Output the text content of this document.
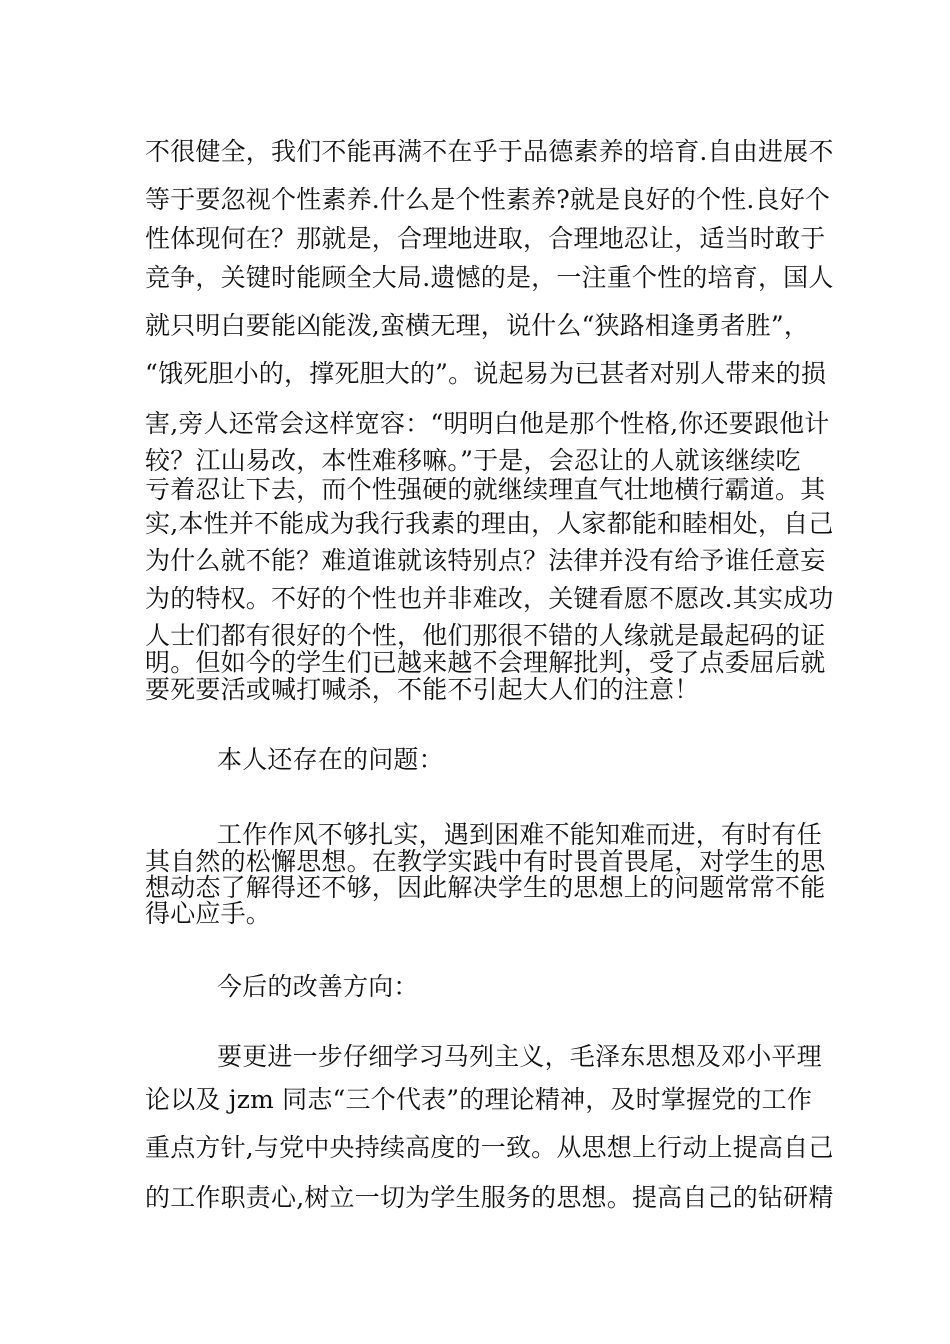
不很健全，我们不能再满不在乎于品德素养的培育.自由进展不
等于要忽视个性素养.什么是个性素养?就是良好的个性.良好个
性体现何在？那就是，合理地进取，合理地忍让，适当时敢于
竞争，关键时能顾全大局.遗憾的是，一注重个性的培育，国人
就只明白要能凶能泼,蛮横无理，说什么“狭路相逢勇者胜”，
“饿死胆小的，撑死胆大的”。说起易为已甚者对别人带来的损
害,旁人还常会这样宽容：“明明白他是那个性格,你还要跟他计
较？江山易改，本性难移嘛。”于是，会忍让的人就该继续吃
亏着忍让下去，而个性强硬的就继续理直气壮地横行霸道。其
实,本性并不能成为我行我素的理由，人家都能和睦相处，自己
为什么就不能？难道谁就该特别点？法律并没有给予谁任意妄
为的特权。不好的个性也并非难改，关键看愿不愿改.其实成功
人士们都有很好的个性，他们那很不错的人缘就是最起码的证
明。但如今的学生们已越来越不会理解批判，受了点委屈后就
要死要活或喊打喊杀，不能不引起大人们的注意！
本人还存在的问题：
工作作风不够扎实，遇到困难不能知难而进，有时有任
其自然的松懈思想。在教学实践中有时畏首畏尾，对学生的思
想动态了解得还不够，因此解决学生的思想上的问题常常不能
得心应手。
今后的改善方向：
要更进一步仔细学习马列主义，毛泽东思想及邓小平理
论以及 jzm 同志“三个代表”的理论精神，及时掌握党的工作
重点方针,与党中央持续高度的一致。从思想上行动上提高自己
的工作职责心,树立一切为学生服务的思想。提高自己的钻研精
